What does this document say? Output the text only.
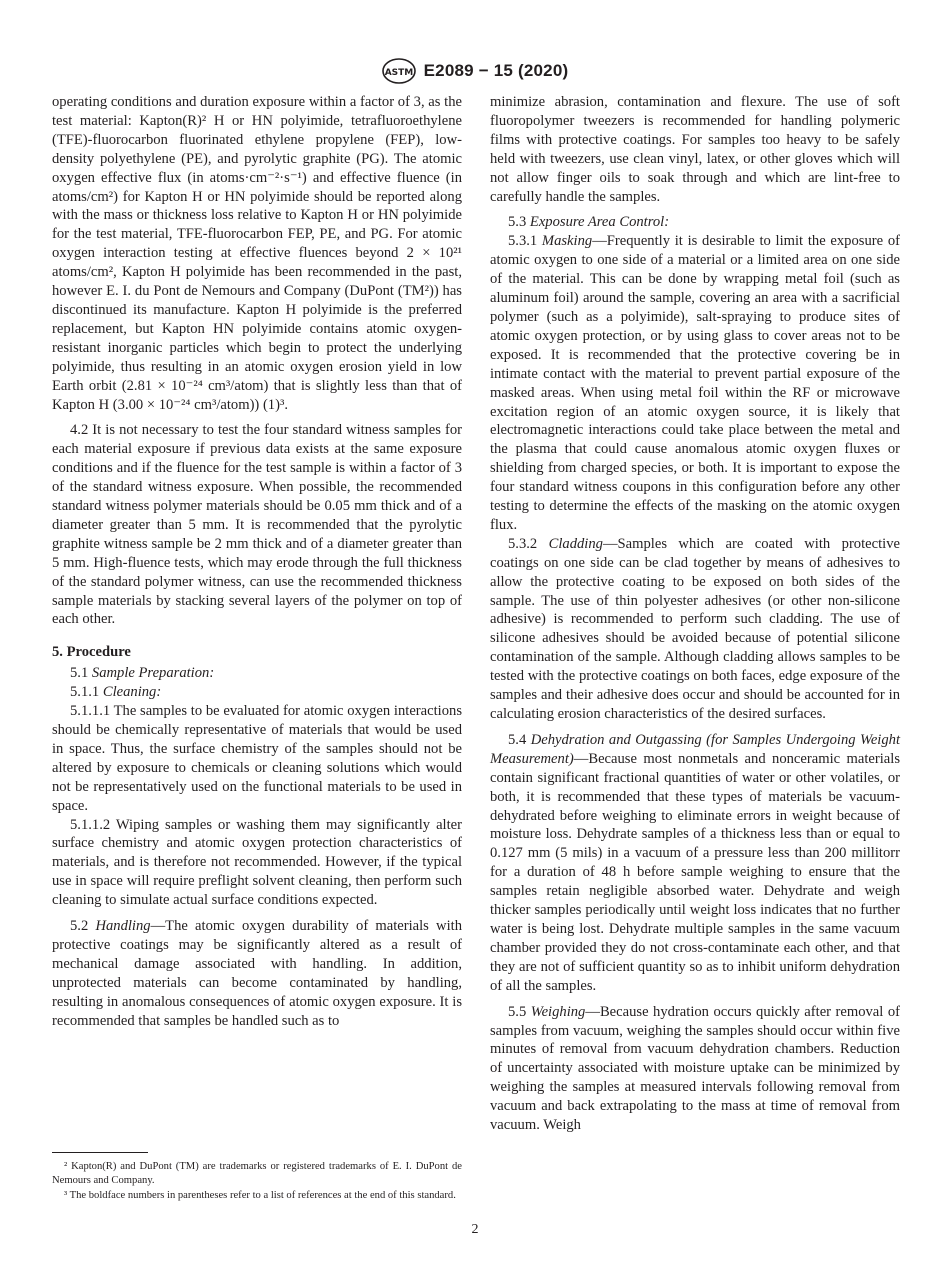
ASTM E2089 − 15 (2020)

operating conditions and duration exposure within a factor of 3, as the test material: Kapton(R)² H or HN polyimide, tetrafluoroethylene (TFE)-fluorocarbon fluorinated ethylene propylene (FEP), low-density polyethylene (PE), and pyrolytic graphite (PG). The atomic oxygen effective flux (in atoms·cm⁻²·s⁻¹) and effective fluence (in atoms/cm²) for Kapton H or HN polyimide should be reported along with the mass or thickness loss relative to Kapton H or HN polyimide for the test material, TFE-fluorocarbon FEP, PE, and PG. For atomic oxygen interaction testing at effective fluences beyond 2 × 10²¹ atoms/cm², Kapton H polyimide has been recommended in the past, however E. I. du Pont de Nemours and Company (DuPont (TM²)) has discontinued its manufacture. Kapton H polyimide is the preferred replacement, but Kapton HN polyimide contains atomic oxygen-resistant inorganic particles which begin to protect the underlying polyimide, thus resulting in an atomic oxygen erosion yield in low Earth orbit (2.81 × 10⁻²⁴ cm³/atom) that is slightly less than that of Kapton H (3.00 × 10⁻²⁴ cm³/atom)) (1)³.

4.2 It is not necessary to test the four standard witness samples for each material exposure if previous data exists at the same exposure conditions and if the fluence for the test sample is within a factor of 3 of the standard witness exposure. When possible, the recommended standard witness polymer materials should be 0.05 mm thick and of a diameter greater than 5 mm. It is recommended that the pyrolytic graphite witness sample be 2 mm thick and of a diameter greater than 5 mm. High-fluence tests, which may erode through the full thickness of the standard polymer witness, can use the recommended thickness sample materials by stacking several layers of the polymer on top of each other.

5. Procedure

5.1 Sample Preparation:

5.1.1 Cleaning:

5.1.1.1 The samples to be evaluated for atomic oxygen interactions should be chemically representative of materials that would be used in space. Thus, the surface chemistry of the samples should not be altered by exposure to chemicals or cleaning solutions which would not be representatively used on the functional materials to be used in space.

5.1.1.2 Wiping samples or washing them may significantly alter surface chemistry and atomic oxygen protection characteristics of materials, and is therefore not recommended. However, if the typical use in space will require preflight solvent cleaning, then perform such cleaning to simulate actual surface conditions expected.

5.2 Handling—The atomic oxygen durability of materials with protective coatings may be significantly altered as a result of mechanical damage associated with handling. In addition, unprotected materials can become contaminated by handling, resulting in anomalous consequences of atomic oxygen exposure. It is recommended that samples be handled such as to

minimize abrasion, contamination and flexure. The use of soft fluoropolymer tweezers is recommended for handling polymeric films with protective coatings. For samples too heavy to be safely held with tweezers, use clean vinyl, latex, or other gloves which will not allow finger oils to soak through and which are lint-free to carefully handle the samples.

5.3 Exposure Area Control:

5.3.1 Masking—Frequently it is desirable to limit the exposure of atomic oxygen to one side of a material or a limited area on one side of the material. This can be done by wrapping metal foil (such as aluminum foil) around the sample, covering an area with a sacrificial polymer (such as a polyimide), salt-spraying to produce sites of atomic oxygen protection, or by using glass to cover areas not to be exposed. It is recommended that the protective covering be in intimate contact with the material to prevent partial exposure of the masked areas. When using metal foil within the RF or microwave excitation region of an atomic oxygen source, it is likely that electromagnetic interactions could take place between the metal and the plasma that could cause anomalous atomic oxygen fluxes or shielding from charged species, or both. It is important to expose the four standard witness coupons in this configuration before any other testing to determine the effects of the masking on the atomic oxygen flux.

5.3.2 Cladding—Samples which are coated with protective coatings on one side can be clad together by means of adhesives to allow the protective coating to be exposed on both sides of the sample. The use of thin polyester adhesives (or other non-silicone adhesive) is recommended to perform such cladding. The use of silicone adhesives should be avoided because of potential silicone contamination of the sample. Although cladding allows samples to be tested with the protective coatings on both faces, edge exposure of the samples and their adhesive does occur and should be accounted for in calculating erosion characteristics of the desired surfaces.

5.4 Dehydration and Outgassing (for Samples Undergoing Weight Measurement)—Because most nonmetals and nonceramic materials contain significant fractional quantities of water or other volatiles, or both, it is recommended that these types of materials be vacuum-dehydrated before weighing to eliminate errors in weight because of moisture loss. Dehydrate samples of a thickness less than or equal to 0.127 mm (5 mils) in a vacuum of a pressure less than 200 millitorr for a duration of 48 h before sample weighing to ensure that the samples retain negligible absorbed water. Dehydrate and weigh thicker samples periodically until weight loss indicates that no further water is being lost. Dehydrate multiple samples in the same vacuum chamber provided they do not cross-contaminate each other, and that they are not of sufficient quantity so as to inhibit uniform dehydration of all the samples.

5.5 Weighing—Because hydration occurs quickly after removal of samples from vacuum, weighing the samples should occur within five minutes of removal from vacuum dehydration chambers. Reduction of uncertainty associated with moisture uptake can be minimized by weighing the samples at measured intervals following removal from vacuum and back extrapolating to the mass at time of removal from vacuum. Weigh

² Kapton(R) and DuPont (TM) are trademarks or registered trademarks of E. I. DuPont de Nemours and Company.

³ The boldface numbers in parentheses refer to a list of references at the end of this standard.

2
